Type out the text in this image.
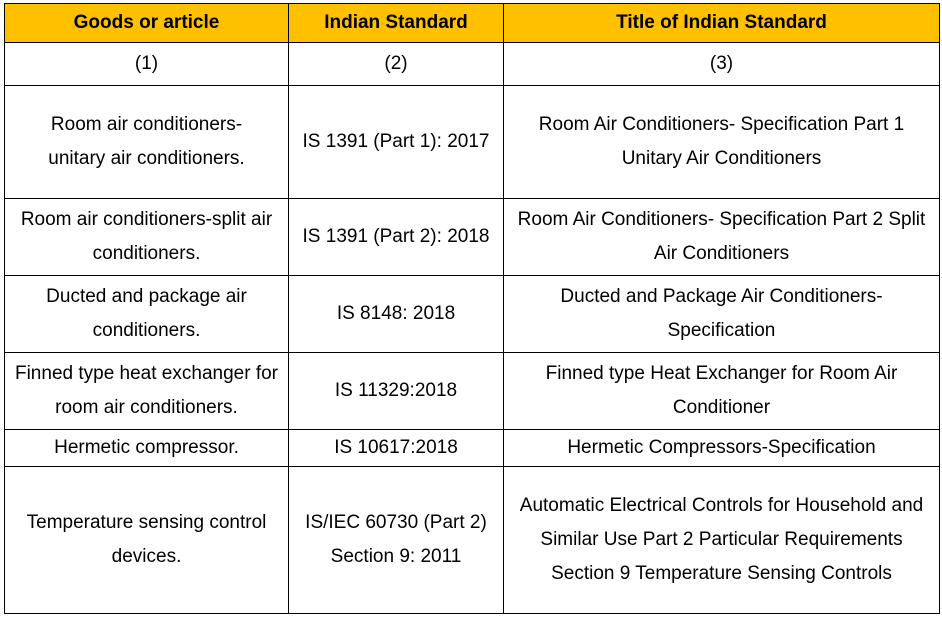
Goods or article	Indian Standard	Title of Indian Standard
(1)	(2)	(3)
Room air conditioners-unitary air conditioners.	IS 1391 (Part 1): 2017	Room Air Conditioners- Specification Part 1 Unitary Air Conditioners
Room air conditioners-split air conditioners.	IS 1391 (Part 2): 2018	Room Air Conditioners- Specification Part 2 Split Air Conditioners
Ducted and package air conditioners.	IS 8148: 2018	Ducted and Package Air Conditioners- Specification
Finned type heat exchanger for room air conditioners.	IS 11329:2018	Finned type Heat Exchanger for Room Air Conditioner
Hermetic compressor.	IS 10617:2018	Hermetic Compressors-Specification
Temperature sensing control devices.	IS/IEC 60730 (Part 2) Section 9: 2011	Automatic Electrical Controls for Household and Similar Use Part 2 Particular Requirements Section 9 Temperature Sensing Controls
